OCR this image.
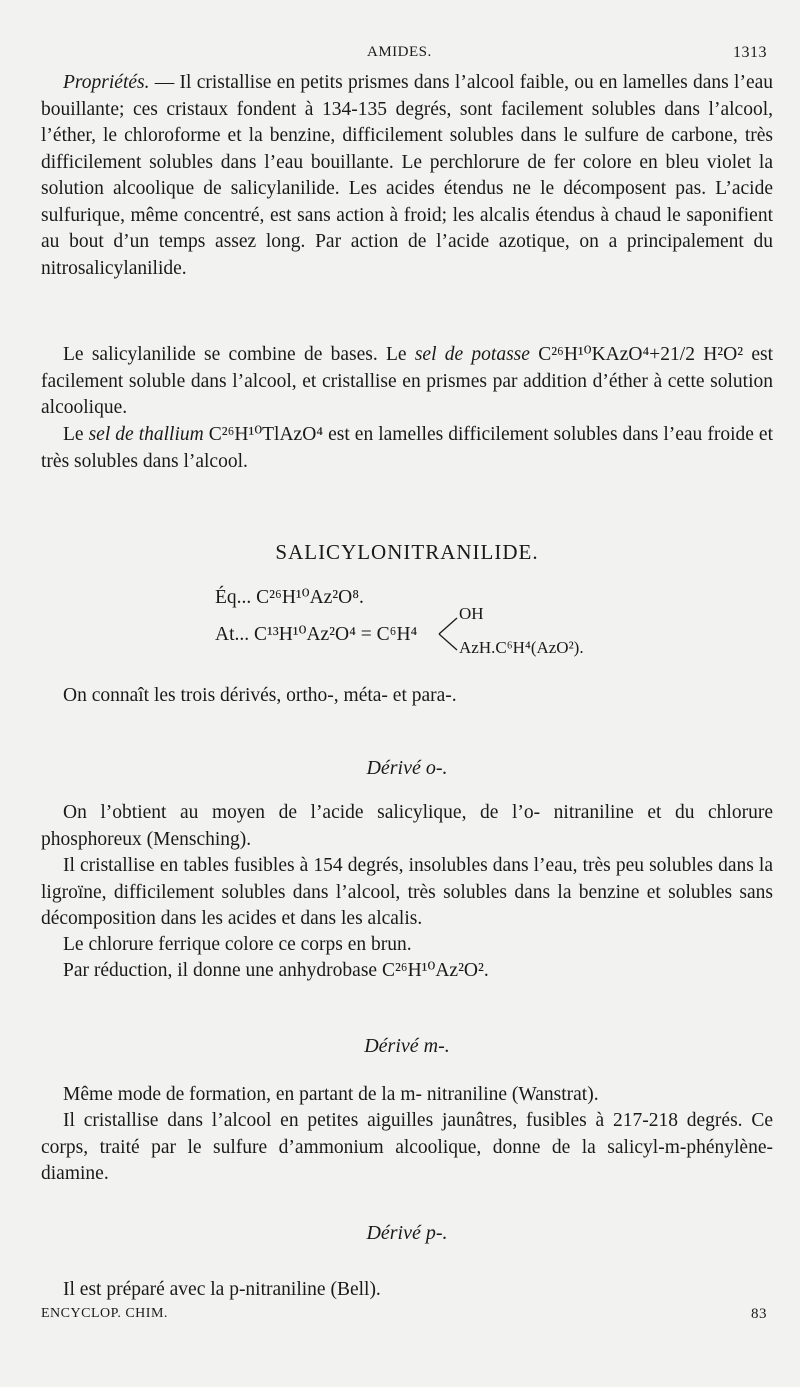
AMIDES.	1313

Propriétés. — Il cristallise en petits prismes dans l’alcool faible, ou en lamelles dans l’eau bouillante; ces cristaux fondent à 134-135 degrés, sont facilement solubles dans l’alcool, l’éther, le chloroforme et la benzine, difficilement solubles dans le sulfure de carbone, très difficilement solubles dans l’eau bouillante. Le perchlorure de fer colore en bleu violet la solution alcoolique de salicylanilide. Les acides étendus ne le décomposent pas. L’acide sulfurique, même concentré, est sans action à froid; les alcalis étendus à chaud le saponifient au bout d’un temps assez long. Par action de l’acide azotique, on a principalement du nitrosalicylanilide.

Le salicylanilide se combine de bases. Le sel de potasse C²⁶H¹⁰KAzO⁴+21/2 H²O² est facilement soluble dans l’alcool, et cristallise en prismes par addition d’éther à cette solution alcoolique.

Le sel de thallium C²⁶H¹⁰TlAzO⁴ est en lamelles difficilement solubles dans l’eau froide et très solubles dans l’alcool.

SALICYLONITRANILIDE.
Éq... C²⁶H¹⁰Az²O⁸.
At... C¹³H¹⁰Az²O⁴ = C⁶H⁴
OH
AzH.C⁶H⁴(AzO²).

On connaît les trois dérivés, ortho-, méta- et para-.

Dérivé o-.

On l’obtient au moyen de l’acide salicylique, de l’o- nitraniline et du chlorure phosphoreux (Mensching).

Il cristallise en tables fusibles à 154 degrés, insolubles dans l’eau, très peu solubles dans la ligroïne, difficilement solubles dans l’alcool, très solubles dans la benzine et solubles sans décomposition dans les acides et dans les alcalis.

Le chlorure ferrique colore ce corps en brun.

Par réduction, il donne une anhydrobase C²⁶H¹⁰Az²O².

Dérivé m-.

Même mode de formation, en partant de la m- nitraniline (Wanstrat).

Il cristallise dans l’alcool en petites aiguilles jaunâtres, fusibles à 217-218 degrés. Ce corps, traité par le sulfure d’ammonium alcoolique, donne de la salicyl-m-phénylène-diamine.

Dérivé p-.
Il est préparé avec la p-nitraniline (Bell).
ENCYCLOP. CHIM.	83
